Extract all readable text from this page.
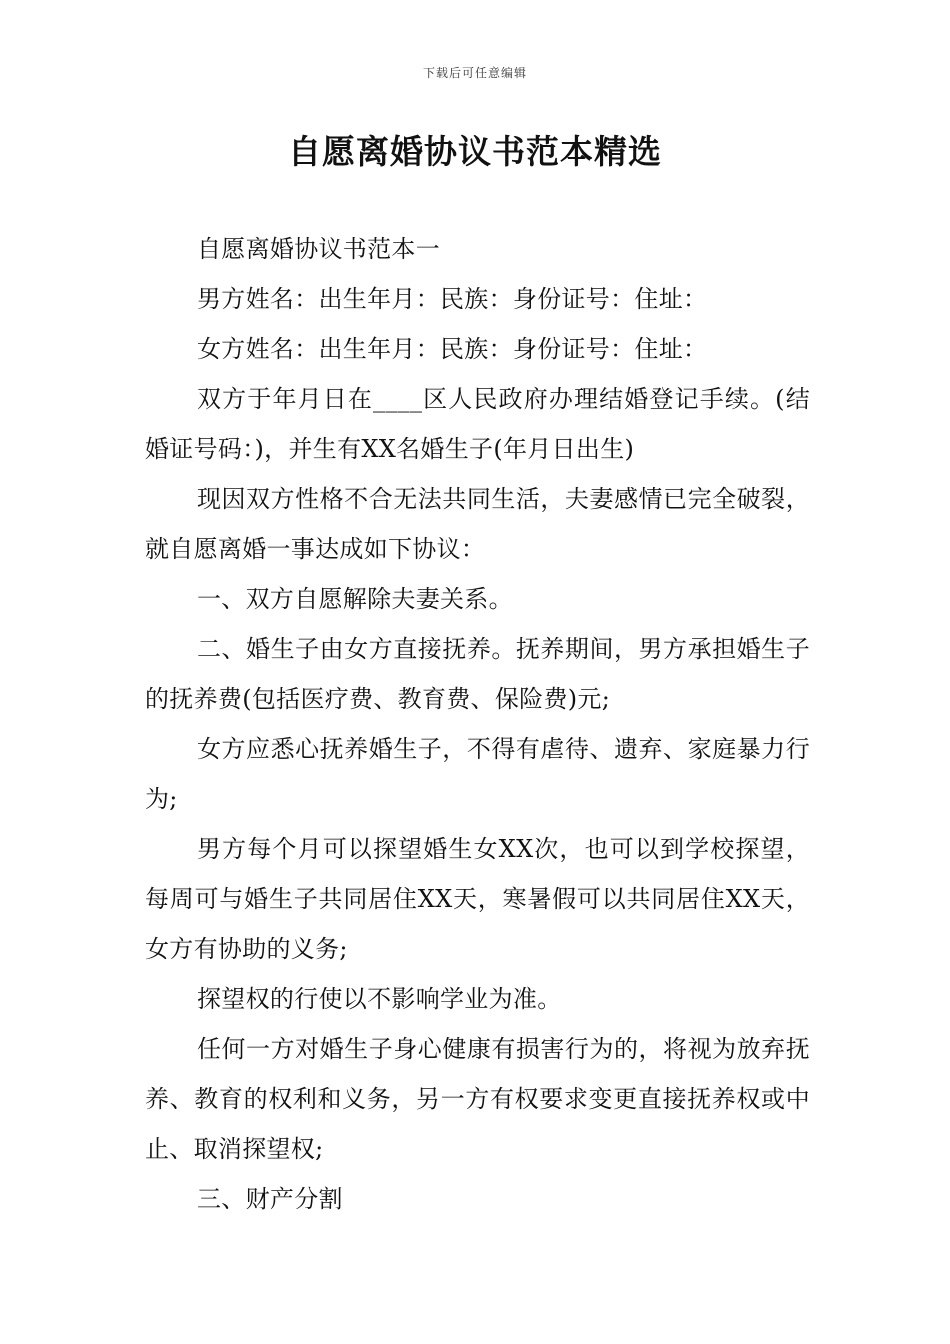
下载后可任意编辑
自愿离婚协议书范本精选

自愿离婚协议书范本一

男方姓名：出生年月：民族：身份证号：住址：

女方姓名：出生年月：民族：身份证号：住址：

双方于年月日在____区人民政府办理结婚登记手续。(结婚证号码：)，并生有XX名婚生子(年月日出生)

现因双方性格不合无法共同生活，夫妻感情已完全破裂，就自愿离婚一事达成如下协议：

一、双方自愿解除夫妻关系。

二、婚生子由女方直接抚养。抚养期间，男方承担婚生子的抚养费(包括医疗费、教育费、保险费)元;

女方应悉心抚养婚生子，不得有虐待、遗弃、家庭暴力行为;

男方每个月可以探望婚生女XX次，也可以到学校探望，每周可与婚生子共同居住XX天，寒暑假可以共同居住XX天，女方有协助的义务;

探望权的行使以不影响学业为准。

任何一方对婚生子身心健康有损害行为的，将视为放弃抚养、教育的权利和义务，另一方有权要求变更直接抚养权或中止、取消探望权;

三、财产分割
